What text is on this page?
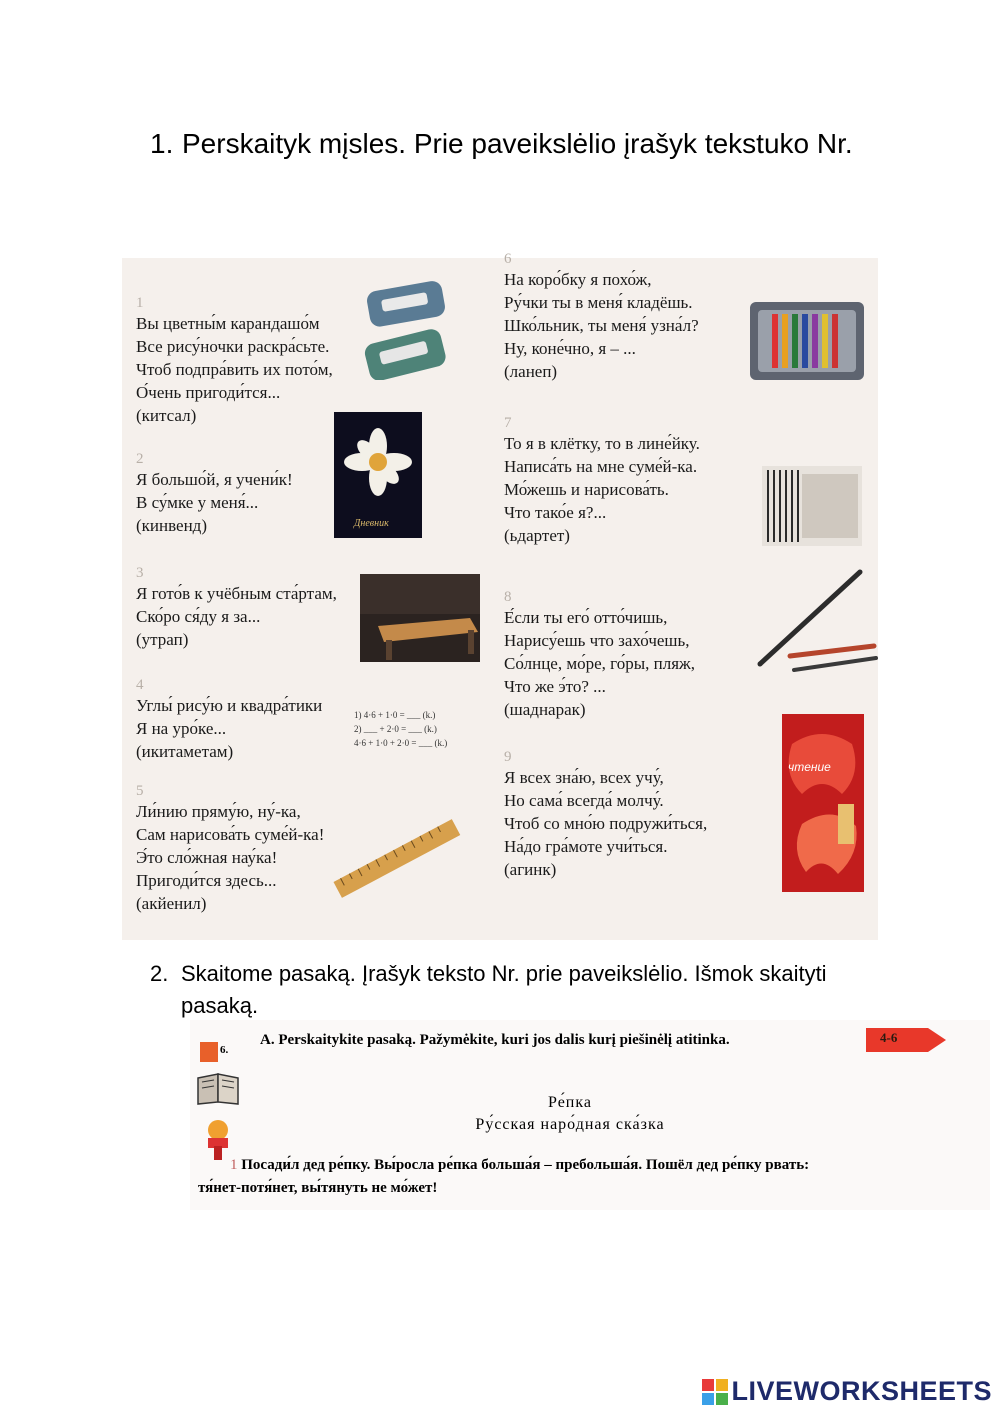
1. Perskaityk mįsles. Prie paveikslėlio įrašyk tekstuko Nr.
1
Вы цветны́м карандашо́м
Все рису́ночки раскра́сьте.
Чтоб подпра́вить их пото́м,
О́чень пригоди́тся...
(китсал)
2
Я большо́й, я учени́к!
В су́мке у меня́...
(кинвенд)	Дневник
3
Я гото́в к учёбным ста́ртам,
Ско́ро ся́ду я за...
(утрап)
4
Углы́ рису́ю и квадра́тики
Я на уро́ке...
(икитаметам)
1) 4·6 + 1·0 = ___ (k.)
2) ___ + 2·0 = ___ (k.)
4·6 + 1·0 + 2·0 = ___ (k.)
5
Ли́нию пряму́ю, ну́-ка,
Сам нарисова́ть суме́й-ка!
Э́то сло́жная нау́ка!
Пригоди́тся здесь...
(акйенил)
6
На коро́бку я похо́ж,
Ру́чки ты в меня́ кладёшь.
Шко́льник, ты меня́ узна́л?
Ну, коне́чно, я – ...
(ланеп)
7
То я в клётку, то в лине́йку.
Написа́ть на мне суме́й-ка.
Мо́жешь и нарисова́ть.
Что тако́е я?...
(ьдартет)
8
Е́сли ты его́ отто́чишь,
Нарису́ешь что захо́чешь,
Со́лнце, мо́ре, го́ры, пляж,
Что же э́то? ...
(шаднарак)
9
Я всех зна́ю, всех учу́,
Но сама́ всегда́ молчу́.
Чтоб со мно́ю подружи́ться,
На́до гра́моте учи́ться.
(агинк)
чтение
2. Skaitome pasaką. Įrašyk teksto Nr. prie paveikslėlio. Išmok skaityti pasaką.
6.
A. Perskaitykite pasaką. Pažymėkite, kuri jos dalis kurį piešinėlį atitinka.	4-6
Ре́пка
Ру́сская наро́дная ска́зка
1 Посади́л дед ре́пку. Вы́росла ре́пка больша́я – пребольша́я. Пошёл дед ре́пку рвать:
тя́нет-потя́нет, вы́тянуть не мо́жет!
LIVEWORKSHEETS
